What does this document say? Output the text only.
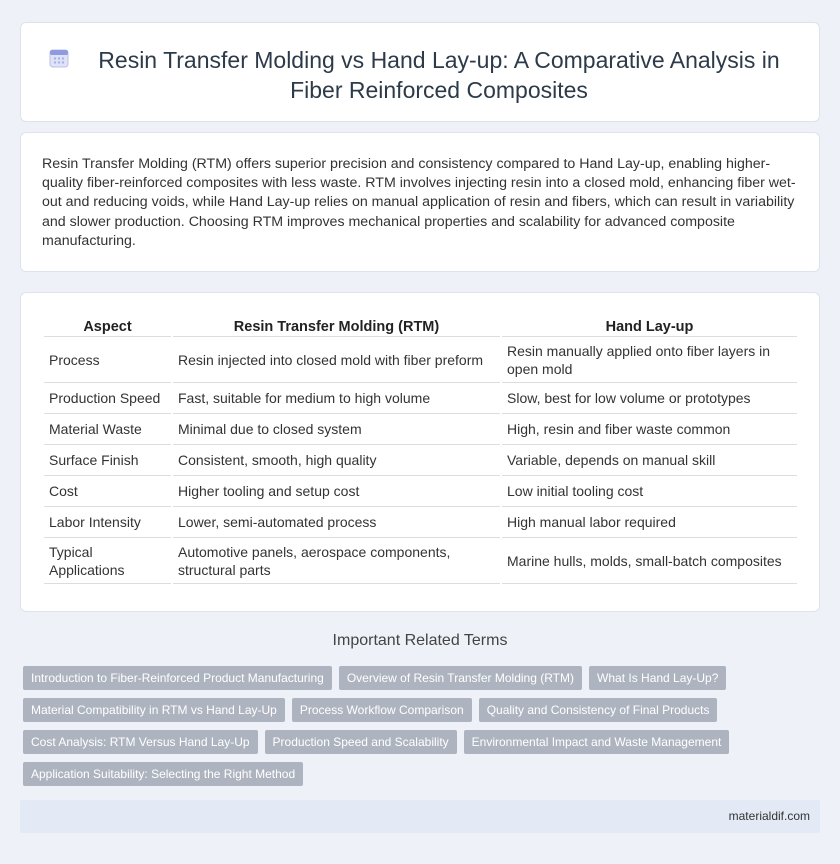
Resin Transfer Molding vs Hand Lay-up: A Comparative Analysis in Fiber Reinforced Composites

Resin Transfer Molding (RTM) offers superior precision and consistency compared to Hand Lay-up, enabling higher-quality fiber-reinforced composites with less waste. RTM involves injecting resin into a closed mold, enhancing fiber wet-out and reducing voids, while Hand Lay-up relies on manual application of resin and fibers, which can result in variability and slower production. Choosing RTM improves mechanical properties and scalability for advanced composite manufacturing.

Aspect	Resin Transfer Molding (RTM)	Hand Lay-up
Process	Resin injected into closed mold with fiber preform	Resin manually applied onto fiber layers in open mold
Production Speed	Fast, suitable for medium to high volume	Slow, best for low volume or prototypes
Material Waste	Minimal due to closed system	High, resin and fiber waste common
Surface Finish	Consistent, smooth, high quality	Variable, depends on manual skill
Cost	Higher tooling and setup cost	Low initial tooling cost
Labor Intensity	Lower, semi-automated process	High manual labor required
Typical Applications	Automotive panels, aerospace components, structural parts	Marine hulls, molds, small-batch composites
Important Related Terms
Introduction to Fiber-Reinforced Product Manufacturing	Overview of Resin Transfer Molding (RTM)	What Is Hand Lay-Up?
Material Compatibility in RTM vs Hand Lay-Up	Process Workflow Comparison	Quality and Consistency of Final Products
Cost Analysis: RTM Versus Hand Lay-Up	Production Speed and Scalability	Environmental Impact and Waste Management
Application Suitability: Selecting the Right Method
materialdif.com
